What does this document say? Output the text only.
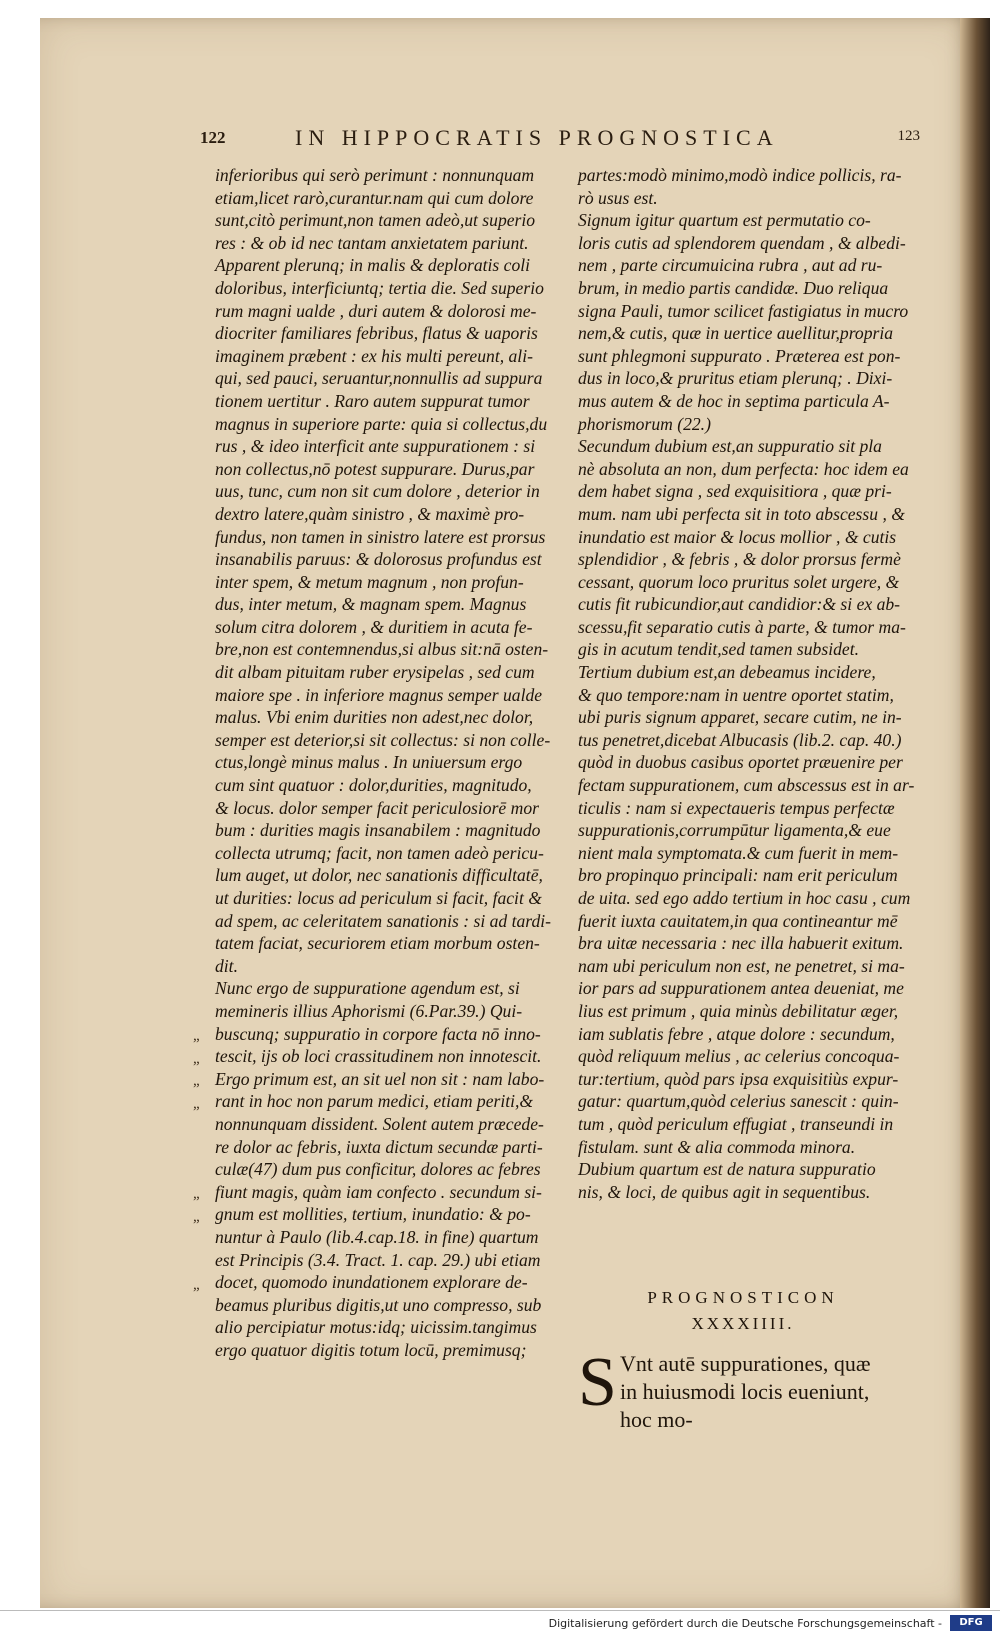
122	IN HIPPOCRATIS PROGNOSTICA	123
„
„
„
„
„
„
„
inferioribus qui serò perimunt : nonnunquam
etiam,licet rarò,curantur.nam qui cum dolore
sunt,citò perimunt,non tamen adeò,ut superio
res : & ob id nec tantam anxietatem pariunt.
Apparent plerunq; in malis & deploratis coli
doloribus, interficiuntq; tertia die. Sed superio
rum magni ualde , duri autem & dolorosi me-
diocriter familiares febribus, flatus & uaporis
imaginem præbent : ex his multi pereunt, ali-
qui, sed pauci, seruantur,nonnullis ad suppura
tionem uertitur . Raro autem suppurat tumor
magnus in superiore parte: quia si collectus,du
rus , & ideo interficit ante suppurationem : si
non collectus,nō potest suppurare. Durus,par
uus, tunc, cum non sit cum dolore , deterior in
dextro latere,quàm sinistro , & maximè pro-
fundus, non tamen in sinistro latere est prorsus
insanabilis paruus: & dolorosus profundus est
inter spem, & metum magnum , non profun-
dus, inter metum, & magnam spem. Magnus
solum citra dolorem , & duritiem in acuta fe-
bre,non est contemnendus,si albus sit:nā osten-
dit albam pituitam ruber erysipelas , sed cum
maiore spe . in inferiore magnus semper ualde
malus. Vbi enim durities non adest,nec dolor,
semper est deterior,si sit collectus: si non colle-
ctus,longè minus malus . In uniuersum ergo
cum sint quatuor : dolor,durities, magnitudo,
& locus. dolor semper facit periculosiorē mor
bum : durities magis insanabilem : magnitudo
collecta utrumq; facit, non tamen adeò pericu-
lum auget, ut dolor, nec sanationis difficultatē,
ut durities: locus ad periculum si facit, facit &
ad spem, ac celeritatem sanationis : si ad tardi-
tatem faciat, securiorem etiam morbum osten-
dit.
Nunc ergo de suppuratione agendum est, si
memineris illius Aphorismi (6.Par.39.) Qui-
buscunq; suppuratio in corpore facta nō inno-
tescit, ijs ob loci crassitudinem non innotescit.
Ergo primum est, an sit uel non sit : nam labo-
rant in hoc non parum medici, etiam periti,&
nonnunquam dissident. Solent autem præcede-
re dolor ac febris, iuxta dictum secundæ parti-
culæ(47) dum pus conficitur, dolores ac febres
fiunt magis, quàm iam confecto . secundum si-
gnum est mollities, tertium, inundatio: & po-
nuntur à Paulo (lib.4.cap.18. in fine) quartum
est Principis (3.4. Tract. 1. cap. 29.) ubi etiam
docet, quomodo inundationem explorare de-
beamus pluribus digitis,ut uno compresso, sub
alio percipiatur motus:idq; uicissim.tangimus
ergo quatuor digitis totum locū, premimusq;
partes:modò minimo,modò indice pollicis, ra-
rò usus est.
Signum igitur quartum est permutatio co-
loris cutis ad splendorem quendam , & albedi-
nem , parte circumuicina rubra , aut ad ru-
brum, in medio partis candidæ. Duo reliqua
signa Pauli, tumor scilicet fastigiatus in mucro
nem,& cutis, quæ in uertice auellitur,propria
sunt phlegmoni suppurato . Præterea est pon-
dus in loco,& pruritus etiam plerunq; . Dixi-
mus autem & de hoc in septima particula A-
phorismorum (22.)
Secundum dubium est,an suppuratio sit pla
nè absoluta an non, dum perfecta: hoc idem ea
dem habet signa , sed exquisitiora , quæ pri-
mum. nam ubi perfecta sit in toto abscessu , &
inundatio est maior & locus mollior , & cutis
splendidior , & febris , & dolor prorsus fermè
cessant, quorum loco pruritus solet urgere, &
cutis fit rubicundior,aut candidior:& si ex ab-
scessu,fit separatio cutis à parte, & tumor ma-
gis in acutum tendit,sed tamen subsidet.
Tertium dubium est,an debeamus incidere,
& quo tempore:nam in uentre oportet statim,
ubi puris signum apparet, secare cutim, ne in-
tus penetret,dicebat Albucasis (lib.2. cap. 40.)
quòd in duobus casibus oportet præuenire per
fectam suppurationem, cum abscessus est in ar-
ticulis : nam si expectaueris tempus perfectæ
suppurationis,corrumpūtur ligamenta,& eue
nient mala symptomata.& cum fuerit in mem-
bro propinquo principali: nam erit periculum
de uita. sed ego addo tertium in hoc casu , cum
fuerit iuxta cauitatem,in qua contineantur mē
bra uitæ necessaria : nec illa habuerit exitum.
nam ubi periculum non est, ne penetret, si ma-
ior pars ad suppurationem antea deueniat, me
lius est primum , quia minùs debilitatur æger,
iam sublatis febre , atque dolore : secundum,
quòd reliquum melius , ac celerius concoqua-
tur:tertium, quòd pars ipsa exquisitiùs expur-
gatur: quartum,quòd celerius sanescit : quin-
tum , quòd periculum effugiat , transeundi in
fistulam. sunt & alia commoda minora.
Dubium quartum est de natura suppuratio
nis, & loci, de quibus agit in sequentibus.
PROGNOSTICON
XXXXIIII.
S Vnt autē suppurationes, quæ
in huiusmodi locis eueniunt,
hoc mo-
Digitalisierung gefördert durch die Deutsche Forschungsgemeinschaft -	DFG
